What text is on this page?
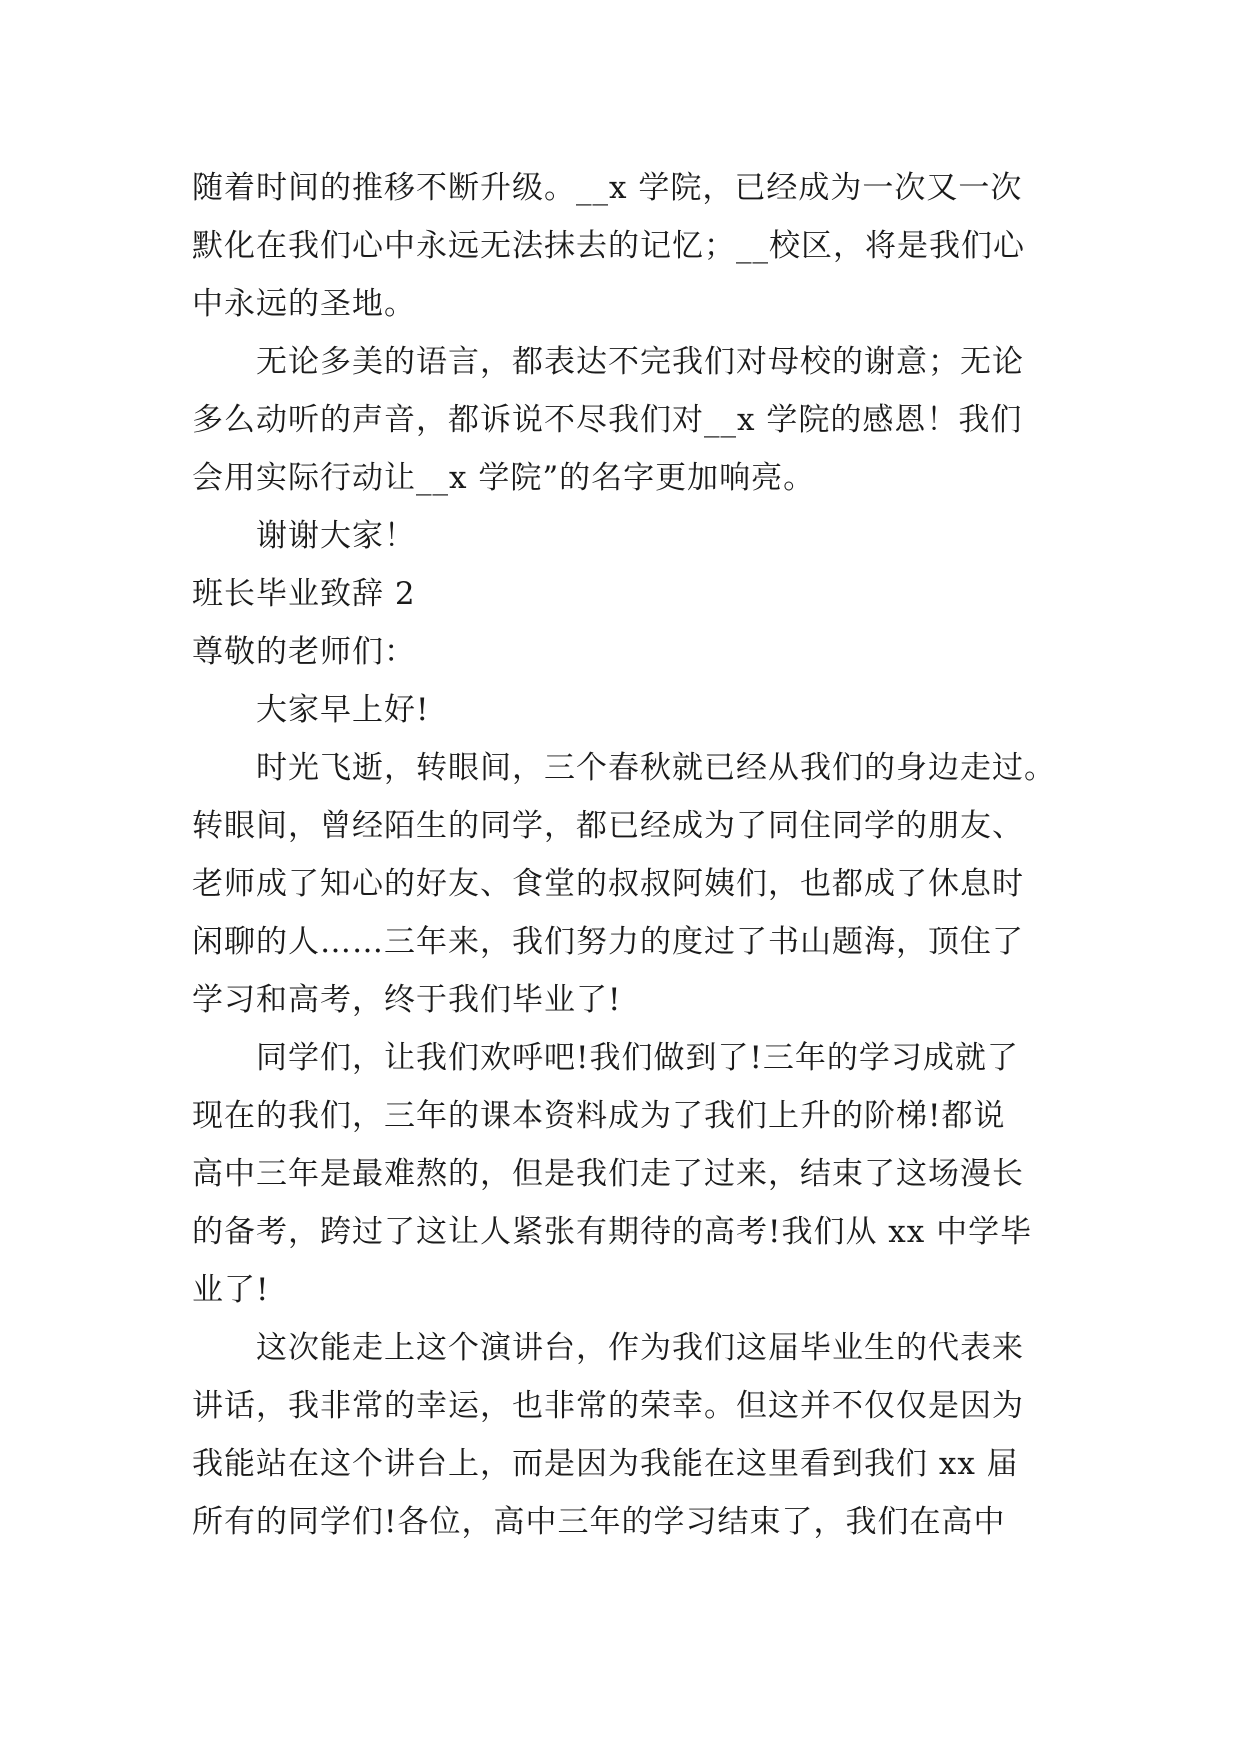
随着时间的推移不断升级。__x 学院，已经成为一次又一次
默化在我们心中永远无法抹去的记忆；__校区，将是我们心
中永远的圣地。
无论多美的语言，都表达不完我们对母校的谢意；无论
多么动听的声音，都诉说不尽我们对__x 学院的感恩！我们
会用实际行动让__x 学院”的名字更加响亮。
谢谢大家！
班长毕业致辞 2
尊敬的老师们：
大家早上好!
时光飞逝，转眼间，三个春秋就已经从我们的身边走过。
转眼间，曾经陌生的同学，都已经成为了同住同学的朋友、
老师成了知心的好友、食堂的叔叔阿姨们，也都成了休息时
闲聊的人……三年来，我们努力的度过了书山题海，顶住了
学习和高考，终于我们毕业了!
同学们，让我们欢呼吧!我们做到了!三年的学习成就了
现在的我们，三年的课本资料成为了我们上升的阶梯!都说
高中三年是最难熬的，但是我们走了过来，结束了这场漫长
的备考，跨过了这让人紧张有期待的高考!我们从 xx 中学毕
业了!
这次能走上这个演讲台，作为我们这届毕业生的代表来
讲话，我非常的幸运，也非常的荣幸。但这并不仅仅是因为
我能站在这个讲台上，而是因为我能在这里看到我们 xx 届
所有的同学们!各位，高中三年的学习结束了，我们在高中
